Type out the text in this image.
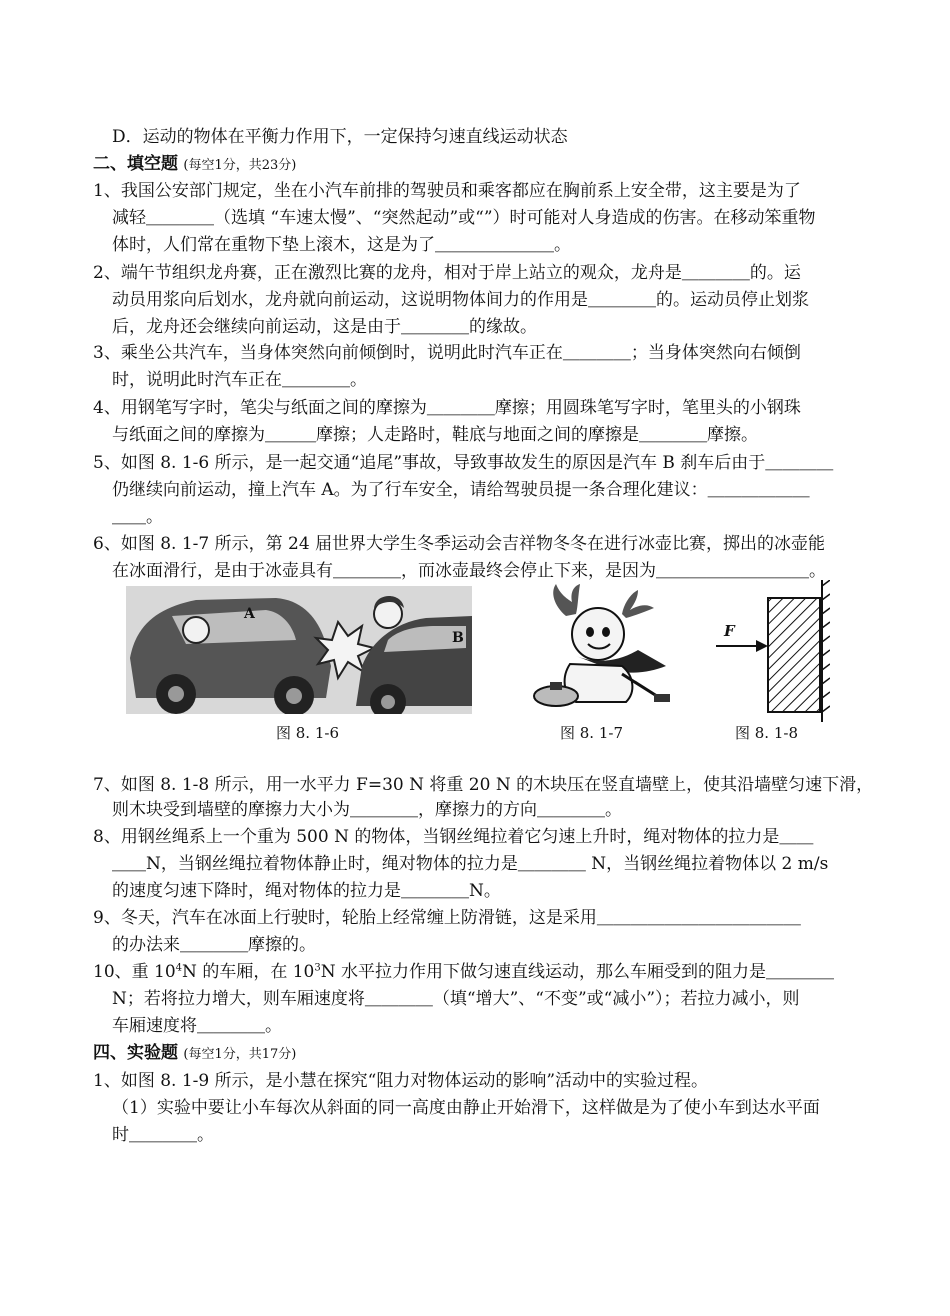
D．运动的物体在平衡力作用下，一定保持匀速直线运动状态
二、填空题 (每空1分，共23分)
1、我国公安部门规定，坐在小汽车前排的驾驶员和乘客都应在胸前系上安全带，这主要是为了
减轻＿＿＿＿（选填 “车速太慢”、“突然起动”或“”）时可能对人身造成的伤害。在移动笨重物
体时，人们常在重物下垫上滚木，这是为了＿＿＿＿＿＿＿。
2、端午节组织龙舟赛，正在激烈比赛的龙舟，相对于岸上站立的观众，龙舟是＿＿＿＿的。运
动员用浆向后划水，龙舟就向前运动，这说明物体间力的作用是＿＿＿＿的。运动员停止划浆
后，龙舟还会继续向前运动，这是由于＿＿＿＿的缘故。
3、乘坐公共汽车，当身体突然向前倾倒时，说明此时汽车正在＿＿＿＿；当身体突然向右倾倒
时，说明此时汽车正在＿＿＿＿。
4、用钢笔写字时，笔尖与纸面之间的摩擦为＿＿＿＿摩擦；用圆珠笔写字时，笔里头的小钢珠
与纸面之间的摩擦为＿＿＿摩擦；人走路时，鞋底与地面之间的摩擦是＿＿＿＿摩擦。
5、如图 8. 1-6 所示，是一起交通“追尾”事故，导致事故发生的原因是汽车 B 刹车后由于＿＿＿＿
仍继续向前运动，撞上汽车 A。为了行车安全，请给驾驶员提一条合理化建议：＿＿＿＿＿＿
＿＿。
6、如图 8. 1-7 所示，第 24 届世界大学生冬季运动会吉祥物冬冬在进行冰壶比赛，掷出的冰壶能
在冰面滑行，是由于冰壶具有＿＿＿＿，而冰壶最终会停止下来，是因为＿＿＿＿＿＿＿＿＿。
A
B
图 8. 1-6	图 8. 1-7
F
图 8. 1-8
7、如图 8. 1-8 所示，用一水平力 F=30 N 将重 20 N 的木块压在竖直墙壁上，使其沿墙壁匀速下滑，
则木块受到墙壁的摩擦力大小为＿＿＿＿，摩擦力的方向＿＿＿＿。
8、用钢丝绳系上一个重为 500 N 的物体，当钢丝绳拉着它匀速上升时，绳对物体的拉力是＿＿
＿＿N，当钢丝绳拉着物体静止时，绳对物体的拉力是＿＿＿＿ N，当钢丝绳拉着物体以 2 m/s
的速度匀速下降时，绳对物体的拉力是＿＿＿＿N。
9、冬天，汽车在冰面上行驶时，轮胎上经常缠上防滑链，这是采用＿＿＿＿＿＿＿＿＿＿＿＿
的办法来＿＿＿＿摩擦的。
10、重 $10^4N$ 的车厢，在 $10^3N$ 水平拉力作用下做匀速直线运动，那么车厢受到的阻力是＿＿＿＿
N；若将拉力增大，则车厢速度将＿＿＿＿（填“增大”、“不变”或“减小”）；若拉力减小，则
车厢速度将＿＿＿＿。
四、实验题 (每空1分，共17分)
1、如图 8. 1-9 所示，是小慧在探究“阻力对物体运动的影响”活动中的实验过程。
（1）实验中要让小车每次从斜面的同一高度由静止开始滑下，这样做是为了使小车到达水平面
时＿＿＿＿。
